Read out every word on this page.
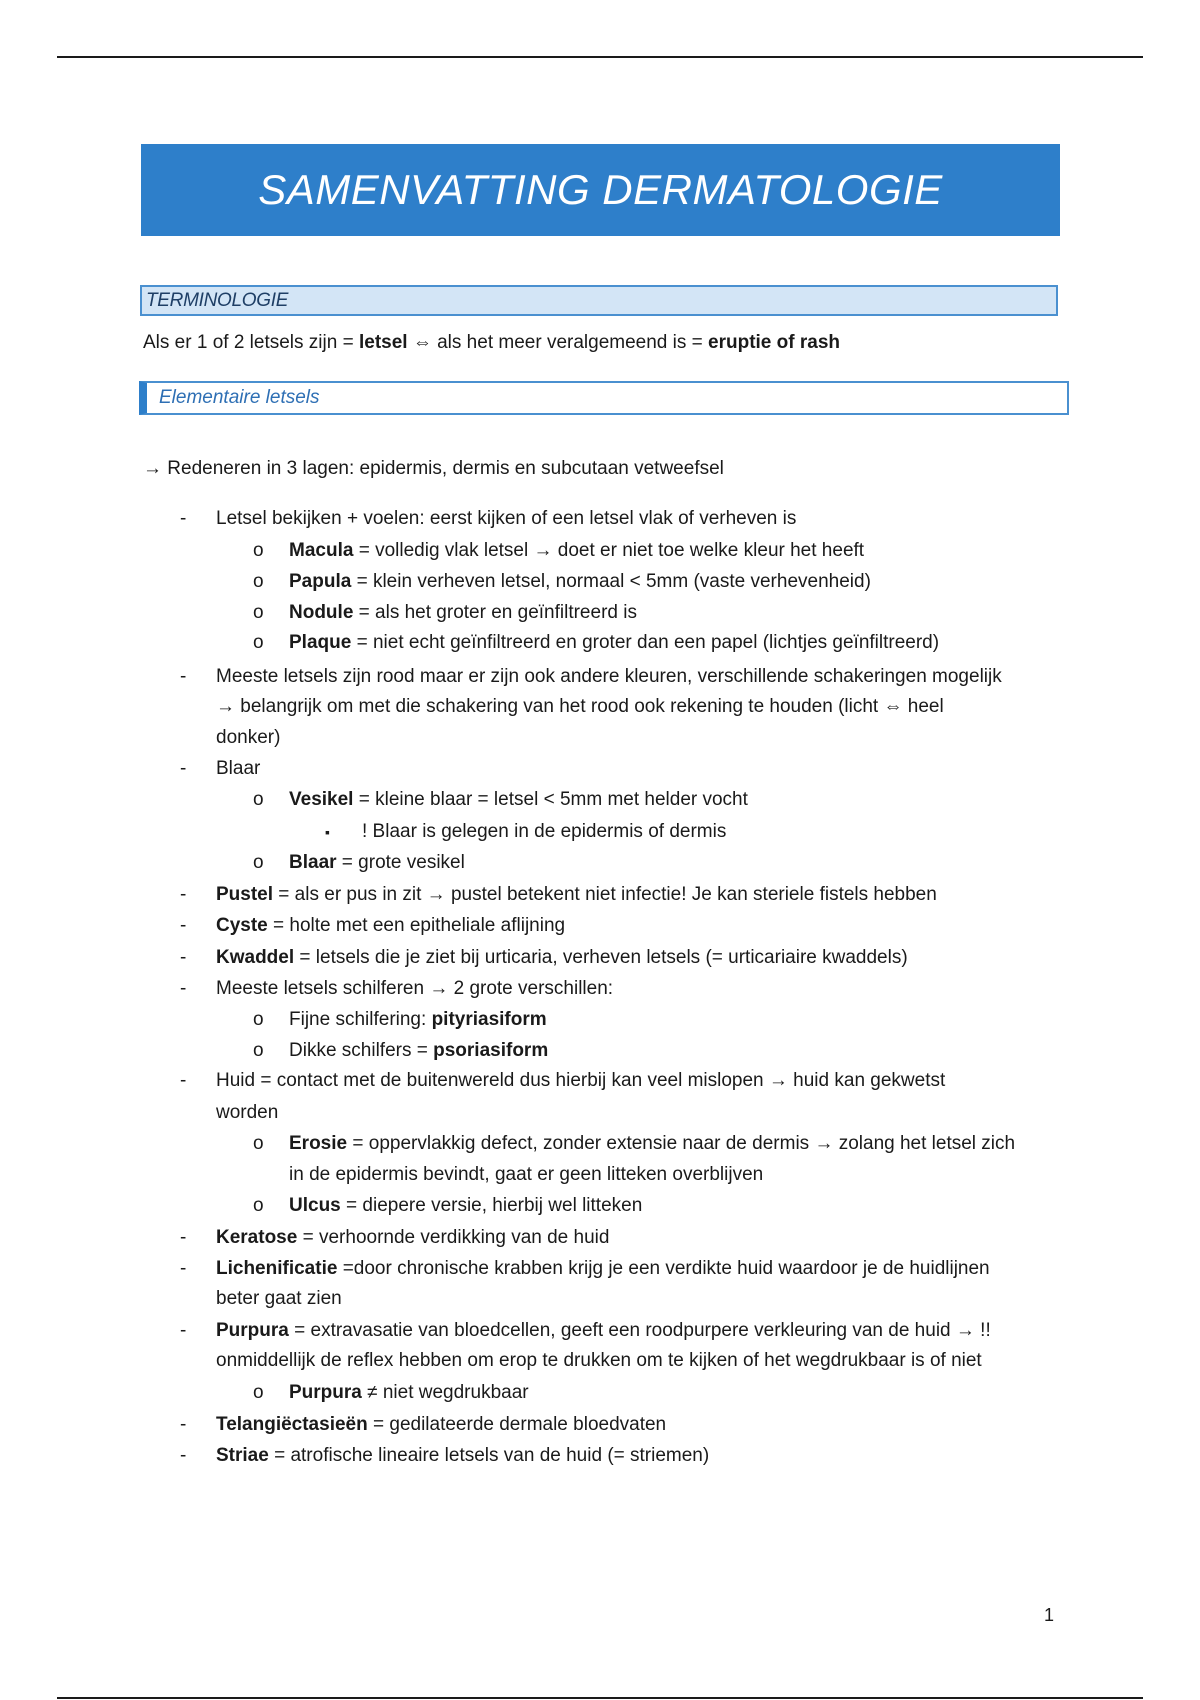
SAMENVATTING DERMATOLOGIE
TERMINOLOGIE
Als er 1 of 2 letsels zijn = letsel ⇔ als het meer veralgemeend is = eruptie of rash
Elementaire letsels
→ Redeneren in 3 lagen: epidermis, dermis en subcutaan vetweefsel
- Letsel bekijken + voelen: eerst kijken of een letsel vlak of verheven is
o Macula = volledig vlak letsel → doet er niet toe welke kleur het heeft
o Papula = klein verheven letsel, normaal < 5mm (vaste verhevenheid)
o Nodule = als het groter en geïnfiltreerd is
o Plaque = niet echt geïnfiltreerd en groter dan een papel (lichtjes geïnfiltreerd)
- Meeste letsels zijn rood maar er zijn ook andere kleuren, verschillende schakeringen mogelijk
→ belangrijk om met die schakering van het rood ook rekening te houden (licht ⇔ heel
donker)
- Blaar
o Vesikel = kleine blaar = letsel < 5mm met helder vocht
▪ ! Blaar is gelegen in de epidermis of dermis
o Blaar = grote vesikel
- Pustel = als er pus in zit → pustel betekent niet infectie! Je kan steriele fistels hebben
- Cyste = holte met een epitheliale aflijning
- Kwaddel = letsels die je ziet bij urticaria, verheven letsels (= urticariaire kwaddels)
- Meeste letsels schilferen → 2 grote verschillen:
o Fijne schilfering: pityriasiform
o Dikke schilfers = psoriasiform
- Huid = contact met de buitenwereld dus hierbij kan veel mislopen → huid kan gekwetst
worden
o Erosie = oppervlakkig defect, zonder extensie naar de dermis → zolang het letsel zich
in de epidermis bevindt, gaat er geen litteken overblijven
o Ulcus = diepere versie, hierbij wel litteken
- Keratose = verhoornde verdikking van de huid
- Lichenificatie =door chronische krabben krijg je een verdikte huid waardoor je de huidlijnen
beter gaat zien
- Purpura = extravasatie van bloedcellen, geeft een roodpurpere verkleuring van de huid → !!
onmiddellijk de reflex hebben om erop te drukken om te kijken of het wegdrukbaar is of niet
o Purpura ≠ niet wegdrukbaar
- Telangiëctasieën = gedilateerde dermale bloedvaten
- Striae = atrofische lineaire letsels van de huid (= striemen)
1
